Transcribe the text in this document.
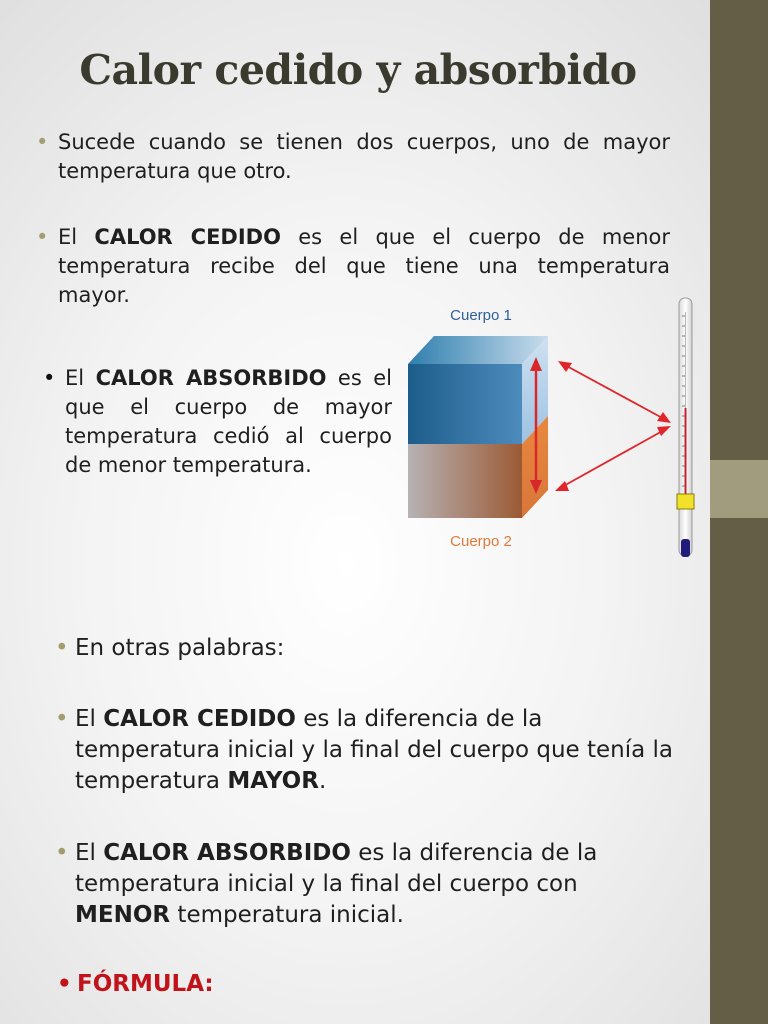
Calor cedido y absorbido
• Sucede cuando se tienen dos cuerpos, uno de mayor temperatura que otro.
• El CALOR CEDIDO es el que el cuerpo de menor temperatura recibe del que tiene una temperatura mayor.
• El CALOR ABSORBIDO es el que el cuerpo de mayor temperatura cedió al cuerpo de menor temperatura.
Cuerpo 1
Cuerpo 2
• En otras palabras:
• El CALOR CEDIDO es la diferencia de la temperatura inicial y la final del cuerpo que tenía la temperatura MAYOR.
• El CALOR ABSORBIDO es la diferencia de la temperatura inicial y la final del cuerpo con MENOR temperatura inicial.
• FÓRMULA:
